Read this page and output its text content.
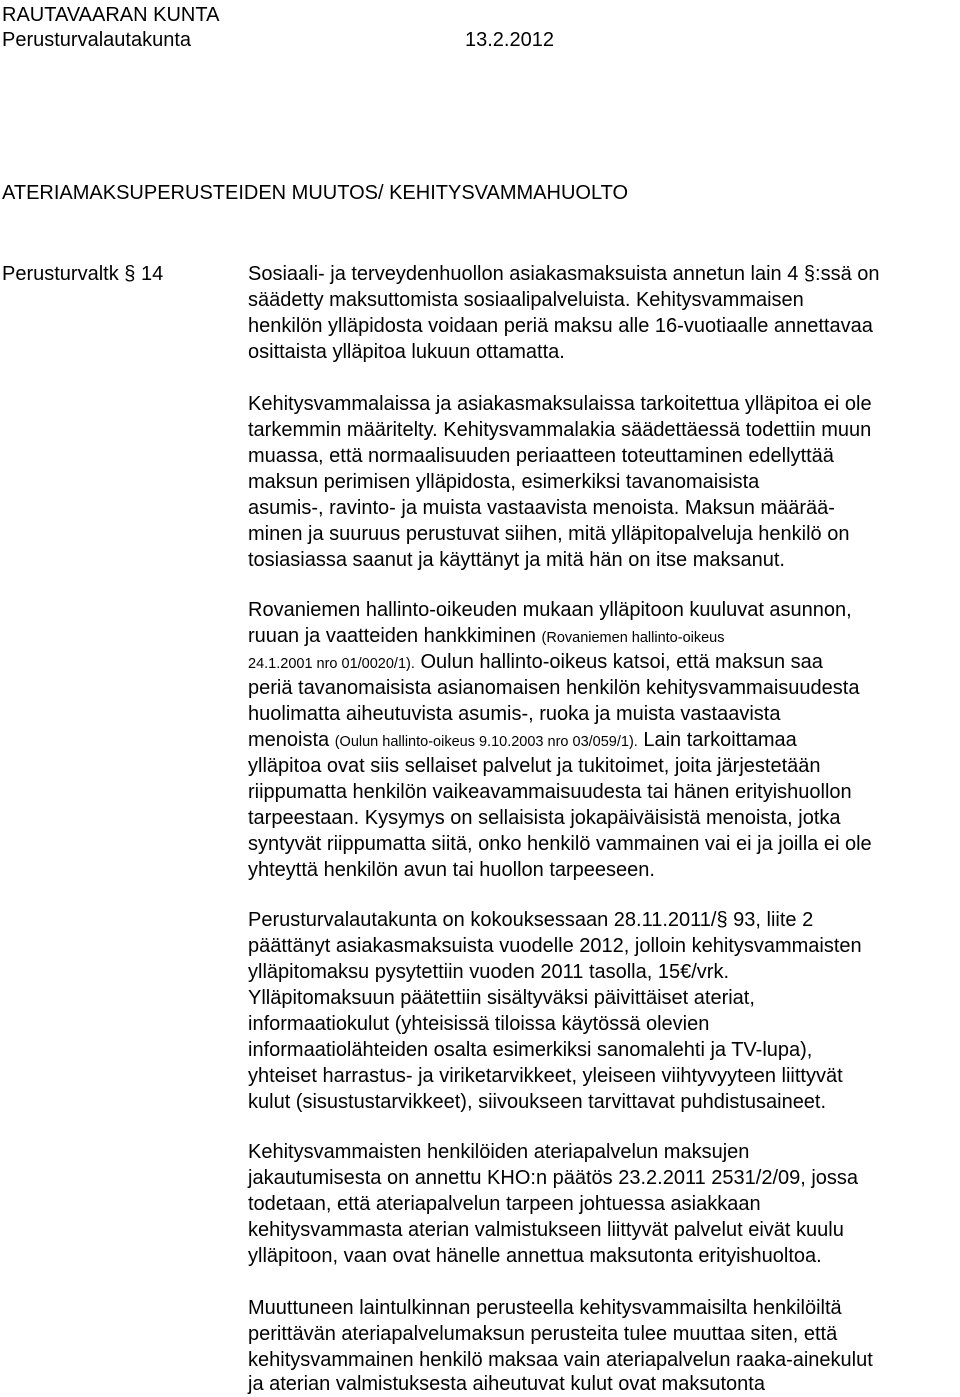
RAUTAVAARAN KUNTA
Perusturvalautakunta	13.2.2012
ATERIAMAKSUPERUSTEIDEN MUUTOS/ KEHITYSVAMMAHUOLTO
Perusturvaltk § 14	Sosiaali- ja terveydenhuollon asiakasmaksuista annetun lain 4 §:ssä on
säädetty maksuttomista sosiaalipalveluista. Kehitysvammaisen
henkilön ylläpidosta voidaan periä maksu alle 16-vuotiaalle annettavaa
osittaista ylläpitoa lukuun ottamatta.
Kehitysvammalaissa ja asiakasmaksulaissa tarkoitettua ylläpitoa ei ole
tarkemmin määritelty. Kehitysvammalakia säädettäessä todettiin muun
muassa, että normaalisuuden periaatteen toteuttaminen edellyttää
maksun perimisen ylläpidosta, esimerkiksi tavanomaisista
asumis-, ravinto- ja muista vastaavista menoista. Maksun määrää-
minen ja suuruus perustuvat siihen, mitä ylläpitopalveluja henkilö on
tosiasiassa saanut ja käyttänyt ja mitä hän on itse maksanut.
Rovaniemen hallinto-oikeuden mukaan ylläpitoon kuuluvat asunnon,
ruuan ja vaatteiden hankkiminen (Rovaniemen hallinto-oikeus
24.1.2001 nro 01/0020/1). Oulun hallinto-oikeus katsoi, että maksun saa
periä tavanomaisista asianomaisen henkilön kehitysvammaisuudesta
huolimatta aiheutuvista asumis-, ruoka ja muista vastaavista
menoista (Oulun hallinto-oikeus 9.10.2003 nro 03/059/1). Lain tarkoittamaa
ylläpitoa ovat siis sellaiset palvelut ja tukitoimet, joita järjestetään
riippumatta henkilön vaikeavammaisuudesta tai hänen erityishuollon
tarpeestaan. Kysymys on sellaisista jokapäiväisistä menoista, jotka
syntyvät riippumatta siitä, onko henkilö vammainen vai ei ja joilla ei ole
yhteyttä henkilön avun tai huollon tarpeeseen.
Perusturvalautakunta on kokouksessaan 28.11.2011/§ 93, liite 2
päättänyt asiakasmaksuista vuodelle 2012, jolloin kehitysvammaisten
ylläpitomaksu pysytettiin vuoden 2011 tasolla, 15€/vrk.
Ylläpitomaksuun päätettiin sisältyväksi päivittäiset ateriat,
informaatiokulut (yhteisissä tiloissa käytössä olevien
informaatiolähteiden osalta esimerkiksi sanomalehti ja TV-lupa),
yhteiset harrastus- ja viriketarvikkeet, yleiseen viihtyvyyteen liittyvät
kulut (sisustustarvikkeet), siivoukseen tarvittavat puhdistusaineet.
Kehitysvammaisten henkilöiden ateriapalvelun maksujen
jakautumisesta on annettu KHO:n päätös 23.2.2011 2531/2/09, jossa
todetaan, että ateriapalvelun tarpeen johtuessa asiakkaan
kehitysvammasta aterian valmistukseen liittyvät palvelut eivät kuulu
ylläpitoon, vaan ovat hänelle annettua maksutonta erityishuoltoa.
Muuttuneen laintulkinnan perusteella kehitysvammaisilta henkilöiltä
perittävän ateriapalvelumaksun perusteita tulee muuttaa siten, että
kehitysvammainen henkilö maksaa vain ateriapalvelun raaka-ainekulut
ja aterian valmistuksesta aiheutuvat kulut ovat maksutonta
